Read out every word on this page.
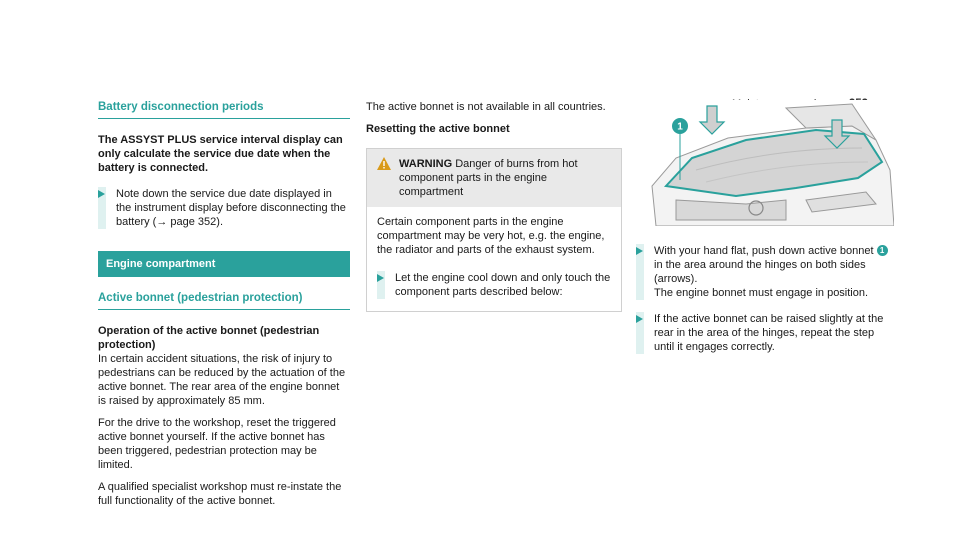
Battery disconnection periods
The ASSYST PLUS service interval display can only calculate the service due date when the battery is connected.
Note down the service due date displayed in the instrument display before disconnecting the battery (→ page 352).
Engine compartment
Active bonnet (pedestrian protection)
Operation of the active bonnet (pedestrian protection)

In certain accident situations, the risk of injury to pedestrians can be reduced by the actuation of the active bonnet. The rear area of the engine bonnet is raised by approximately 85 mm.

For the drive to the workshop, reset the triggered active bonnet yourself. If the active bonnet has been triggered, pedestrian protection may be limited.

A qualified specialist workshop must re-instate the full functionality of the active bonnet.

The active bonnet is not available in all countries.

Resetting the active bonnet
WARNING Danger of burns from hot component parts in the engine compartment

Certain component parts in the engine compartment may be very hot, e.g. the engine, the radiator and parts of the exhaust system.

Let the engine cool down and only touch the component parts described below:
1
With your hand flat, push down active bonnet 1 in the area around the hinges on both sides (arrows).
The engine bonnet must engage in position.
If the active bonnet can be raised slightly at the rear in the area of the hinges, repeat the step until it engages correctly.
